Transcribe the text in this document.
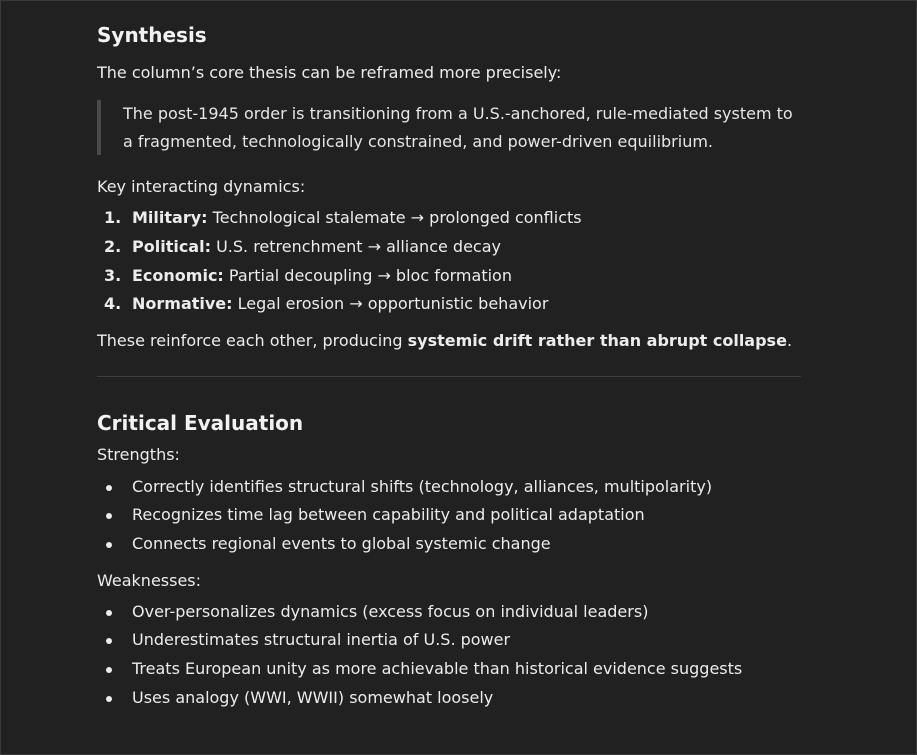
Synthesis

The column’s core thesis can be reframed more precisely:

The post-1945 order is transitioning from a U.S.-anchored, rule-mediated system to a fragmented, technologically constrained, and power-driven equilibrium.

Key interacting dynamics:

1. Military: Technological stalemate → prolonged conflicts
2. Political: U.S. retrenchment → alliance decay
3. Economic: Partial decoupling → bloc formation
4. Normative: Legal erosion → opportunistic behavior

These reinforce each other, producing systemic drift rather than abrupt collapse.

Critical Evaluation

Strengths:

Correctly identifies structural shifts (technology, alliances, multipolarity)
Recognizes time lag between capability and political adaptation
Connects regional events to global systemic change

Weaknesses:

Over-personalizes dynamics (excess focus on individual leaders)
Underestimates structural inertia of U.S. power
Treats European unity as more achievable than historical evidence suggests
Uses analogy (WWI, WWII) somewhat loosely
